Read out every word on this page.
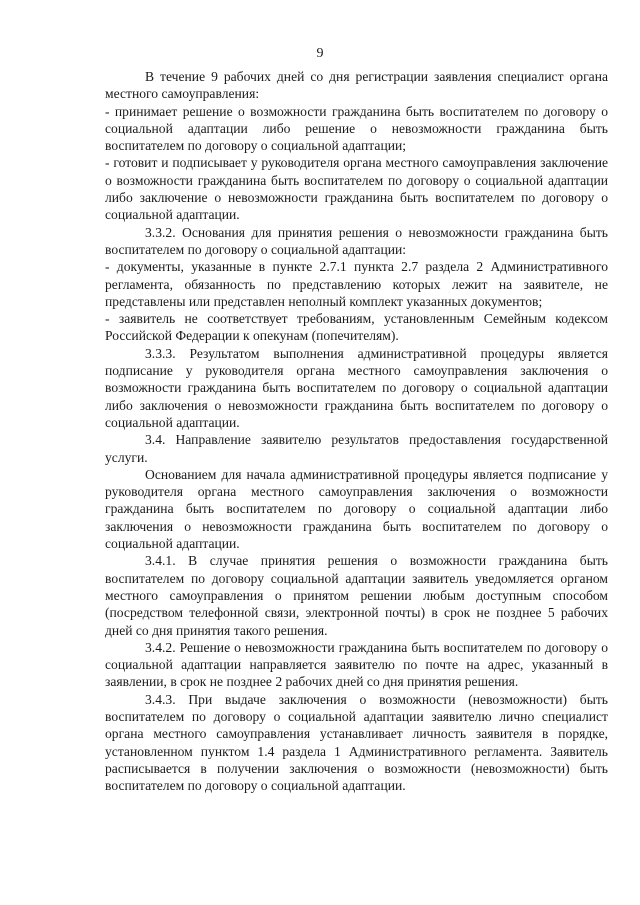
9

В течение 9 рабочих дней со дня регистрации заявления специалист органа местного самоуправления:

- принимает решение о возможности гражданина быть воспитателем по договору о социальной адаптации либо решение о невозможности гражданина быть воспитателем по договору о социальной адаптации;

- готовит и подписывает у руководителя органа местного самоуправления заключение о возможности гражданина быть воспитателем по договору о социальной адаптации либо заключение о невозможности гражданина быть воспитателем по договору о социальной адаптации.

3.3.2. Основания для принятия решения о невозможности гражданина быть воспитателем по договору о социальной адаптации:

- документы, указанные в пункте 2.7.1 пункта 2.7 раздела 2 Административного регламента, обязанность по представлению которых лежит на заявителе, не представлены или представлен неполный комплект указанных документов;

- заявитель не соответствует требованиям, установленным Семейным кодексом Российской Федерации к опекунам (попечителям).

3.3.3. Результатом выполнения административной процедуры является подписание у руководителя органа местного самоуправления заключения о возможности гражданина быть воспитателем по договору о социальной адаптации либо заключения о невозможности гражданина быть воспитателем по договору о социальной адаптации.

3.4. Направление заявителю результатов предоставления государственной услуги.

Основанием для начала административной процедуры является подписание у руководителя органа местного самоуправления заключения о возможности гражданина быть воспитателем по договору о социальной адаптации либо заключения о невозможности гражданина быть воспитателем по договору о социальной адаптации.

3.4.1. В случае принятия решения о возможности гражданина быть воспитателем по договору социальной адаптации заявитель уведомляется органом местного самоуправления о принятом решении любым доступным способом (посредством телефонной связи, электронной почты) в срок не позднее 5 рабочих дней со дня принятия такого решения.

3.4.2. Решение о невозможности гражданина быть воспитателем по договору о социальной адаптации направляется заявителю по почте на адрес, указанный в заявлении, в срок не позднее 2 рабочих дней со дня принятия решения.

3.4.3. При выдаче заключения о возможности (невозможности) быть воспитателем по договору о социальной адаптации заявителю лично специалист органа местного самоуправления устанавливает личность заявителя в порядке, установленном пунктом 1.4 раздела 1 Административного регламента. Заявитель расписывается в получении заключения о возможности (невозможности) быть воспитателем по договору о социальной адаптации.
